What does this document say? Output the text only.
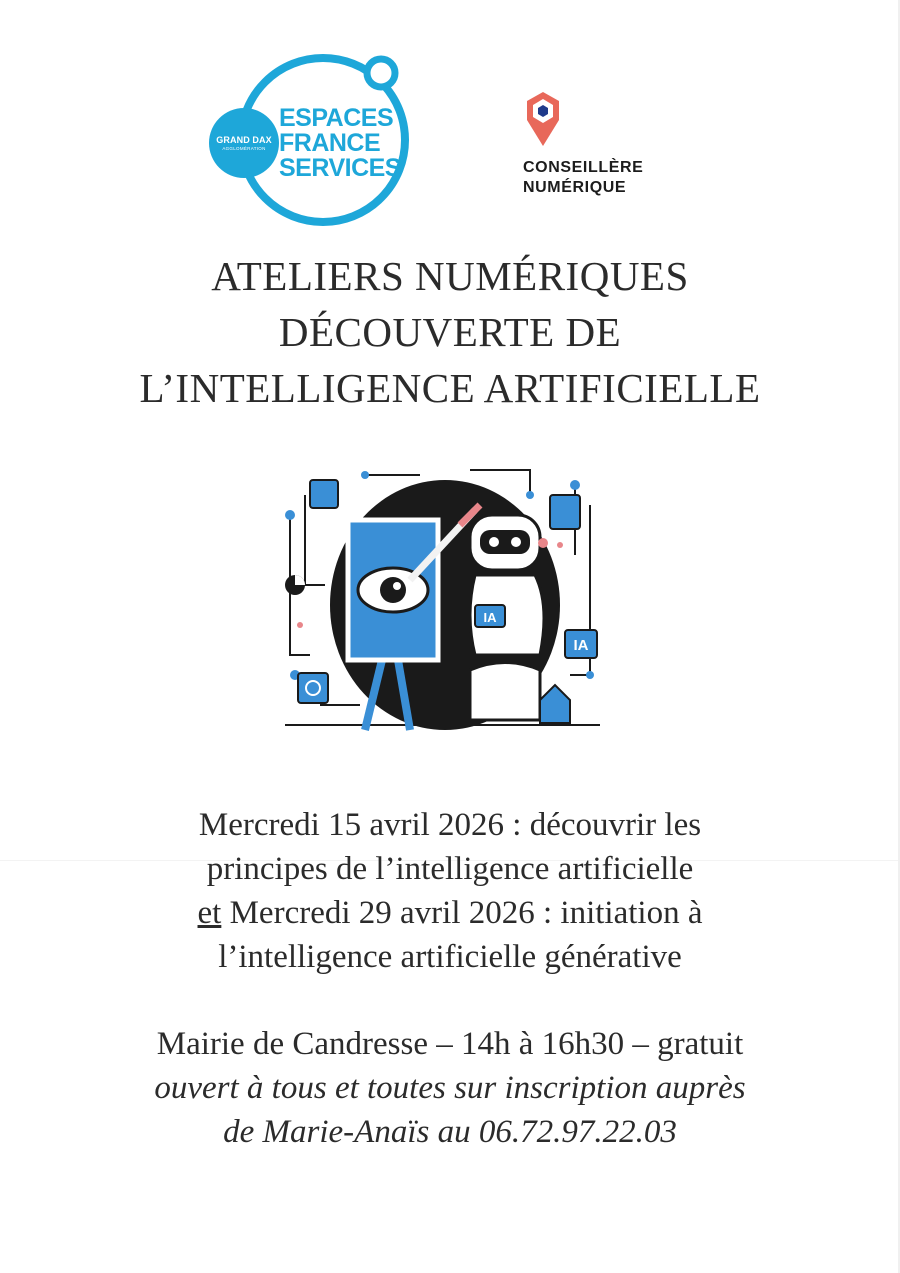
GRAND DAX
AGGLOMÉRATION
ESPACES
FRANCE
SERVICES	CONSEILLÈRE
NUMÉRIQUE
ATELIERS NUMÉRIQUES
DÉCOUVERTE DE
L’INTELLIGENCE ARTIFICIELLE
IA
IA
Mercredi 15 avril 2026 : découvrir les
principes de l’intelligence artificielle
et Mercredi 29 avril 2026 : initiation à
l’intelligence artificielle générative
Mairie de Candresse – 14h à 16h30 – gratuit
ouvert à tous et toutes sur inscription auprès
de Marie-Anaïs au 06.72.97.22.03
